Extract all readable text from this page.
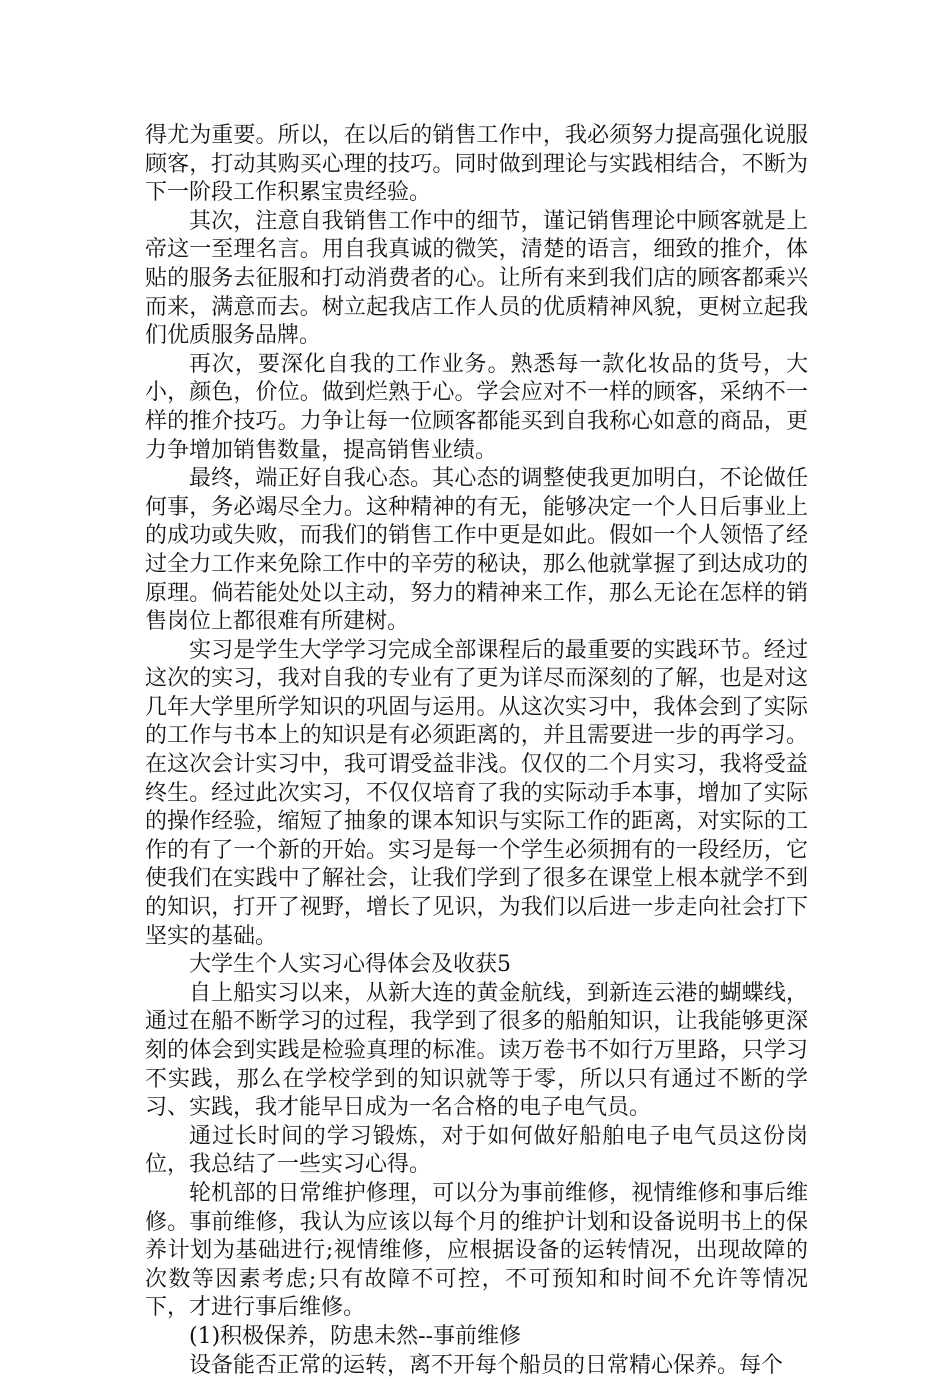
得尤为重要。所以，在以后的销售工作中，我必须努力提高强化说服顾客，打动其购买心理的技巧。同时做到理论与实践相结合，不断为下一阶段工作积累宝贵经验。

其次，注意自我销售工作中的细节，谨记销售理论中顾客就是上帝这一至理名言。用自我真诚的微笑，清楚的语言，细致的推介，体贴的服务去征服和打动消费者的心。让所有来到我们店的顾客都乘兴而来，满意而去。树立起我店工作人员的优质精神风貌，更树立起我们优质服务品牌。

再次，要深化自我的工作业务。熟悉每一款化妆品的货号，大小，颜色，价位。做到烂熟于心。学会应对不一样的顾客，采纳不一样的推介技巧。力争让每一位顾客都能买到自我称心如意的商品，更力争增加销售数量，提高销售业绩。

最终，端正好自我心态。其心态的调整使我更加明白，不论做任何事，务必竭尽全力。这种精神的有无，能够决定一个人日后事业上的成功或失败，而我们的销售工作中更是如此。假如一个人领悟了经过全力工作来免除工作中的辛劳的秘诀，那么他就掌握了到达成功的原理。倘若能处处以主动，努力的精神来工作，那么无论在怎样的销售岗位上都很难有所建树。

实习是学生大学学习完成全部课程后的最重要的实践环节。经过这次的实习，我对自我的专业有了更为详尽而深刻的了解，也是对这几年大学里所学知识的巩固与运用。从这次实习中，我体会到了实际的工作与书本上的知识是有必须距离的，并且需要进一步的再学习。在这次会计实习中，我可谓受益非浅。仅仅的二个月实习，我将受益终生。经过此次实习，不仅仅培育了我的实际动手本事，增加了实际的操作经验，缩短了抽象的课本知识与实际工作的距离，对实际的工作的有了一个新的开始。实习是每一个学生必须拥有的一段经历，它使我们在实践中了解社会，让我们学到了很多在课堂上根本就学不到的知识，打开了视野，增长了见识，为我们以后进一步走向社会打下坚实的基础。

大学生个人实习心得体会及收获5

自上船实习以来，从新大连的黄金航线，到新连云港的蝴蝶线，通过在船不断学习的过程，我学到了很多的船舶知识，让我能够更深刻的体会到实践是检验真理的标准。读万卷书不如行万里路，只学习不实践，那么在学校学到的知识就等于零，所以只有通过不断的学习、实践，我才能早日成为一名合格的电子电气员。

通过长时间的学习锻炼，对于如何做好船舶电子电气员这份岗位，我总结了一些实习心得。

轮机部的日常维护修理，可以分为事前维修，视情维修和事后维修。事前维修，我认为应该以每个月的维护计划和设备说明书上的保养计划为基础进行;视情维修，应根据设备的运转情况，出现故障的次数等因素考虑;只有故障不可控，不可预知和时间不允许等情况下，才进行事后维修。

(1)积极保养，防患未然--事前维修

设备能否正常的运转，离不开每个船员的日常精心保养。每个
